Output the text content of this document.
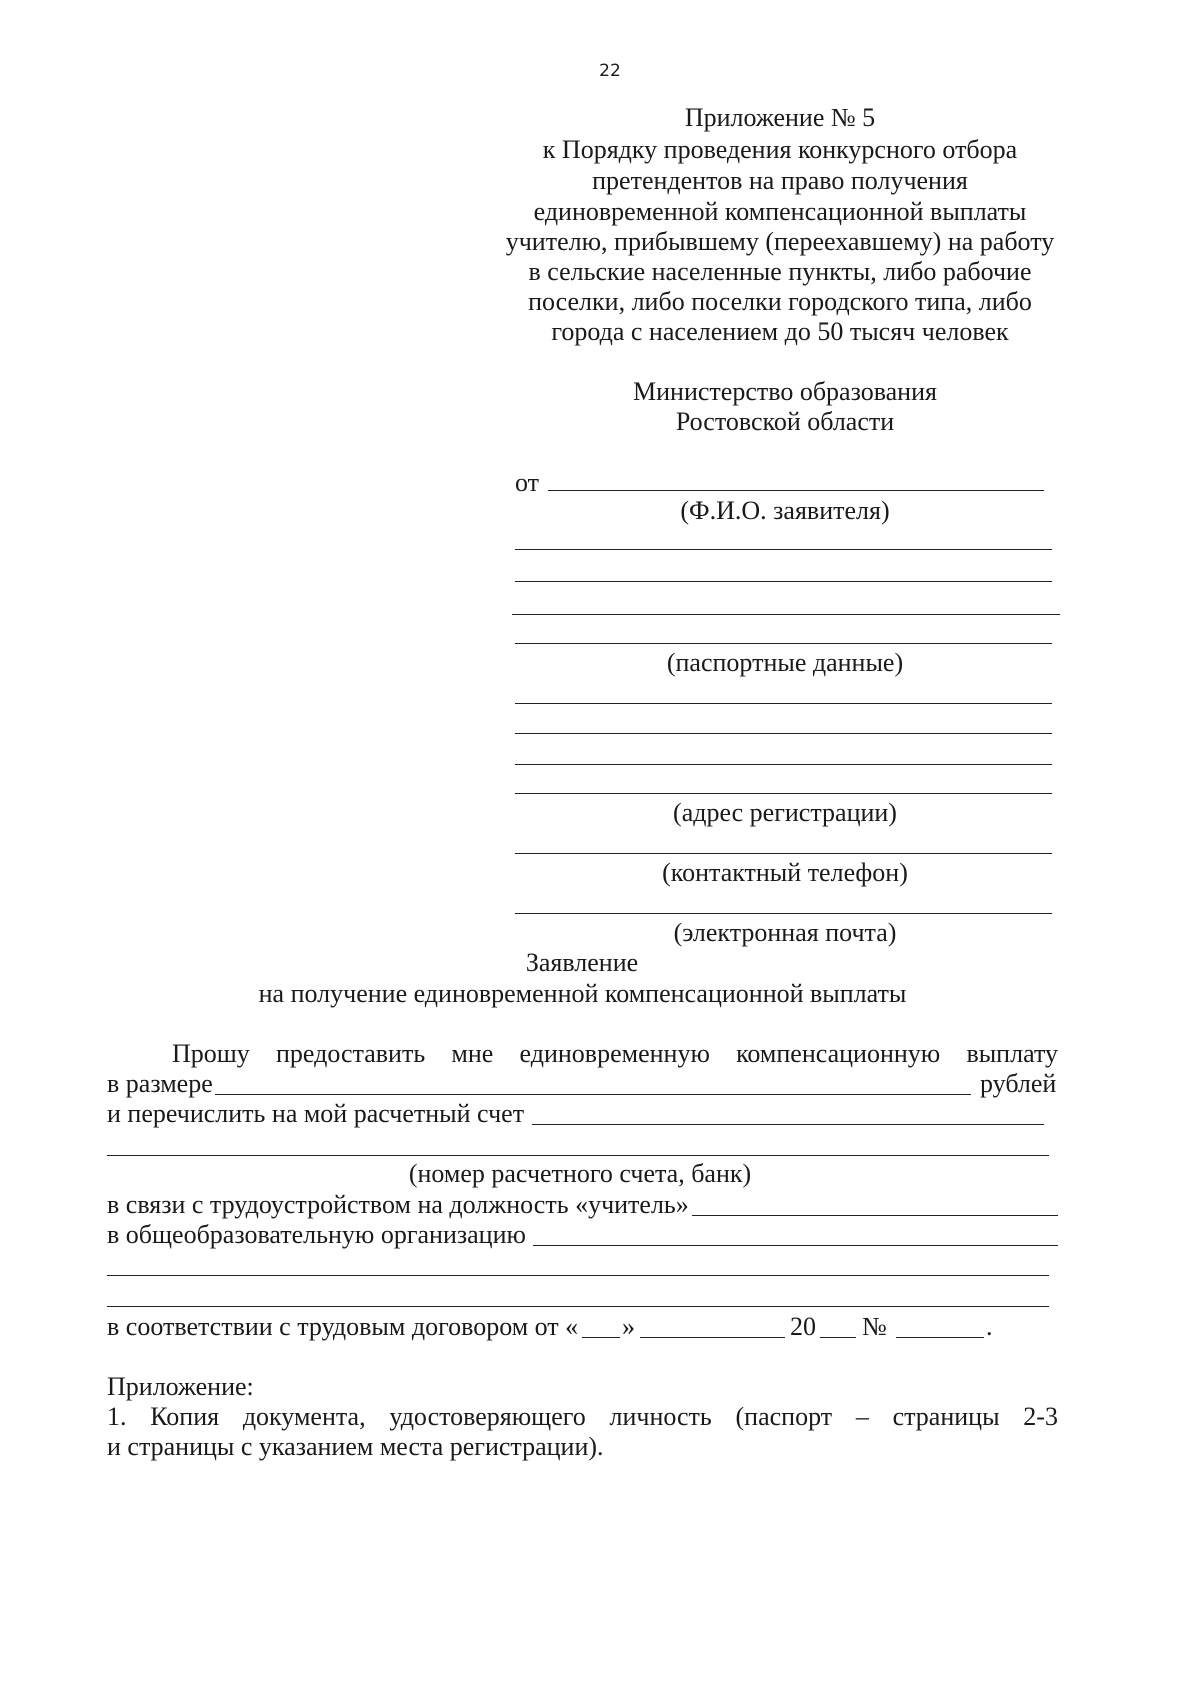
22
Приложение № 5
к Порядку проведения конкурсного отбора
претендентов на право получения
единовременной компенсационной выплаты
учителю, прибывшему (переехавшему) на работу
в сельские населенные пункты, либо рабочие
поселки, либо поселки городского типа, либо
города с населением до 50 тысяч человек
Министерство образования
Ростовской области
от
(Ф.И.О. заявителя)
(паспортные данные)
(адрес регистрации)
(контактный телефон)
(электронная почта)
Заявление
на получение единовременной компенсационной выплаты
Прошу предоставить мне единовременную компенсационную выплату
в размере	рублей
и перечислить на мой расчетный счет
(номер расчетного счета, банк)
в связи с трудоустройством на должность «учитель»
в общеобразовательную организацию
в соответствии с трудовым договором от « »	20 №	.
Приложение:
1. Копия документа, удостоверяющего личность (паспорт – страницы 2-3
и страницы с указанием места регистрации).
